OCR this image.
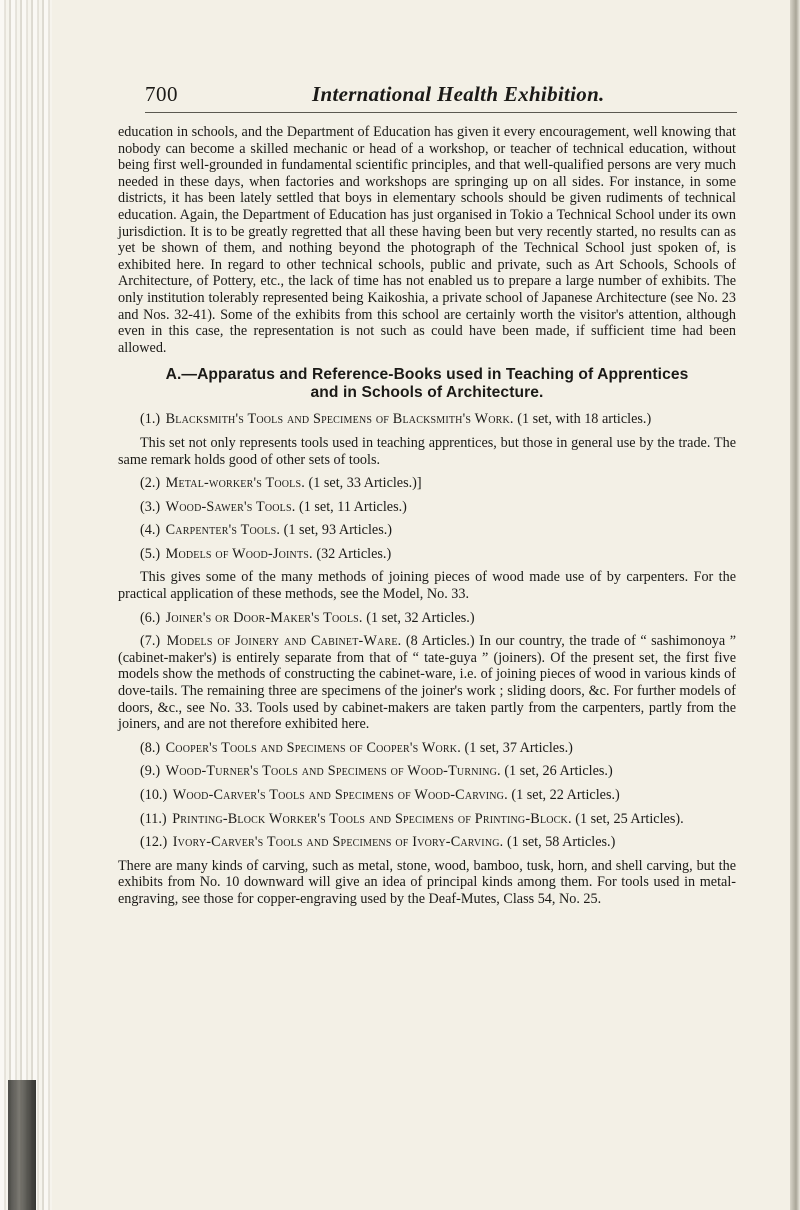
700	International Health Exhibition.

education in schools, and the Department of Education has given it every encouragement, well knowing that nobody can become a skilled mechanic or head of a workshop, or teacher of technical education, without being first well-grounded in fundamental scientific principles, and that well-qualified persons are very much needed in these days, when factories and workshops are springing up on all sides. For instance, in some districts, it has been lately settled that boys in elementary schools should be given rudiments of technical education. Again, the Department of Education has just organised in Tokio a Technical School under its own jurisdiction. It is to be greatly regretted that all these having been but very recently started, no results can as yet be shown of them, and nothing beyond the photograph of the Technical School just spoken of, is exhibited here. In regard to other technical schools, public and private, such as Art Schools, Schools of Architecture, of Pottery, etc., the lack of time has not enabled us to prepare a large number of exhibits. The only institution tolerably represented being Kaikoshia, a private school of Japanese Architecture (see No. 23 and Nos. 32-41). Some of the exhibits from this school are certainly worth the visitor's attention, although even in this case, the representation is not such as could have been made, if sufficient time had been allowed.

A.—Apparatus and Reference-Books used in Teaching of Apprentices
and in Schools of Architecture.

(1.) Blacksmith's Tools and Specimens of Blacksmith's Work. (1 set, with 18 articles.)

This set not only represents tools used in teaching apprentices, but those in general use by the trade. The same remark holds good of other sets of tools.

(2.) Metal-worker's Tools. (1 set, 33 Articles.)]

(3.) Wood-Sawer's Tools. (1 set, 11 Articles.)

(4.) Carpenter's Tools. (1 set, 93 Articles.)

(5.) Models of Wood-Joints. (32 Articles.)

This gives some of the many methods of joining pieces of wood made use of by carpenters. For the practical application of these methods, see the Model, No. 33.

(6.) Joiner's or Door-Maker's Tools. (1 set, 32 Articles.)

(7.) Models of Joinery and Cabinet-Ware. (8 Articles.) In our country, the trade of “ sashimonoya ” (cabinet-maker's) is entirely separate from that of “ tate-guya ” (joiners). Of the present set, the first five models show the methods of constructing the cabinet-ware, i.e. of joining pieces of wood in various kinds of dove-tails. The remaining three are specimens of the joiner's work ; sliding doors, &c. For further models of doors, &c., see No. 33. Tools used by cabinet-makers are taken partly from the carpenters, partly from the joiners, and are not therefore exhibited here.

(8.) Cooper's Tools and Specimens of Cooper's Work. (1 set, 37 Articles.)

(9.) Wood-Turner's Tools and Specimens of Wood-Turning. (1 set, 26 Articles.)

(10.) Wood-Carver's Tools and Specimens of Wood-Carving. (1 set, 22 Articles.)

(11.) Printing-Block Worker's Tools and Specimens of Printing-Block. (1 set, 25 Articles).

(12.) Ivory-Carver's Tools and Specimens of Ivory-Carving. (1 set, 58 Articles.)

There are many kinds of carving, such as metal, stone, wood, bamboo, tusk, horn, and shell carving, but the exhibits from No. 10 downward will give an idea of principal kinds among them. For tools used in metal-engraving, see those for copper-engraving used by the Deaf-Mutes, Class 54, No. 25.
